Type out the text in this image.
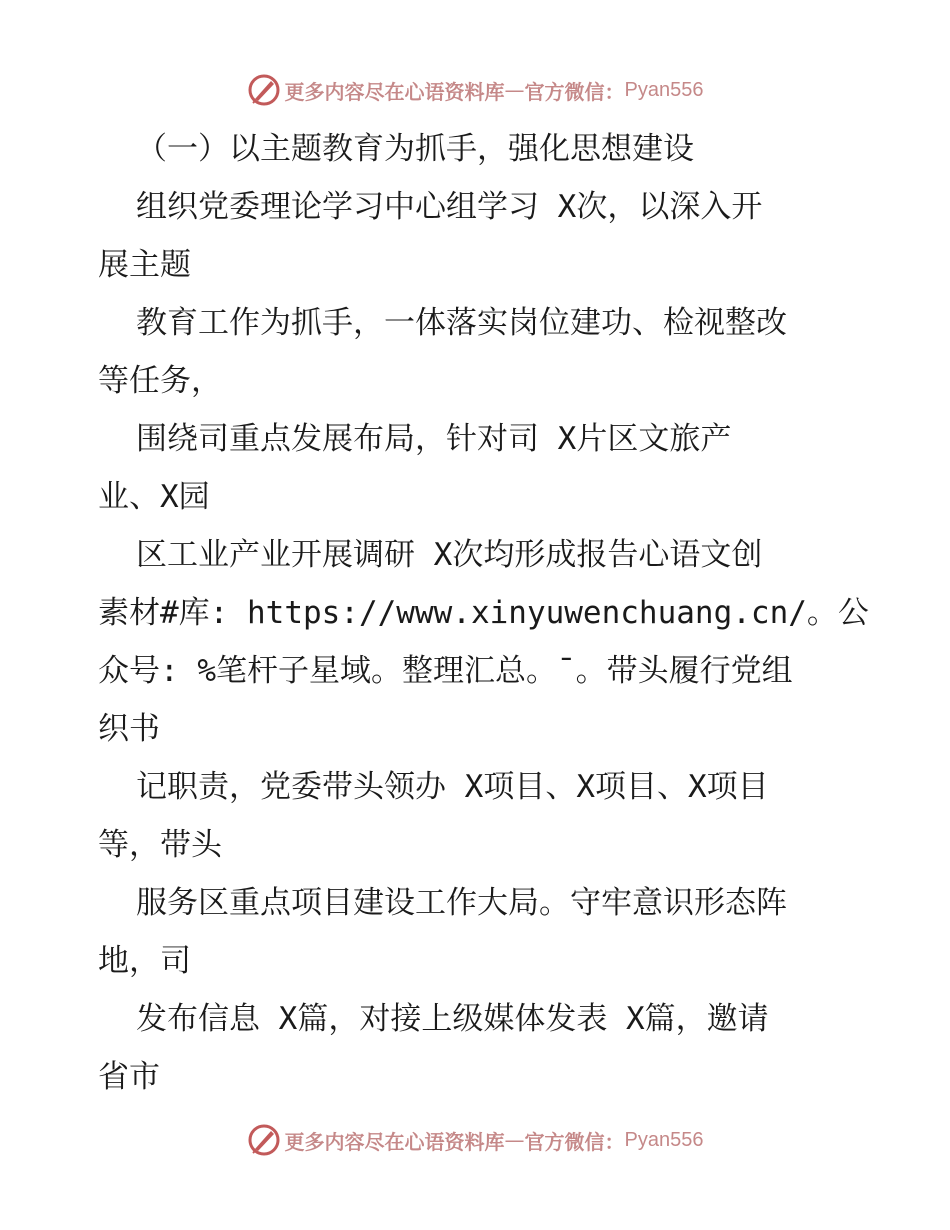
更多内容尽在心语资料库 — 官方微信： Pyan556
（一）以主题教育为抓手，强化思想建设
组织党委理论学习中心组学习 X次，以深入开
展主题
教育工作为抓手，一体落实岗位建功、检视整改
等任务，
围绕司重点发展布局，针对司 X片区文旅产
业、X园
区工业产业开展调研 X次均形成报告心语文创
素材#库: https://www.xinyuwenchuang.cn/。公
众号: %笔杆子星域。整理汇总。¯。带头履行党组
织书
记职责，党委带头领办 X项目、X项目、X项目
等，带头
服务区重点项目建设工作大局。守牢意识形态阵
地，司
发布信息 X篇，对接上级媒体发表 X篇，邀请
省市
更多内容尽在心语资料库 — 官方微信： Pyan556
